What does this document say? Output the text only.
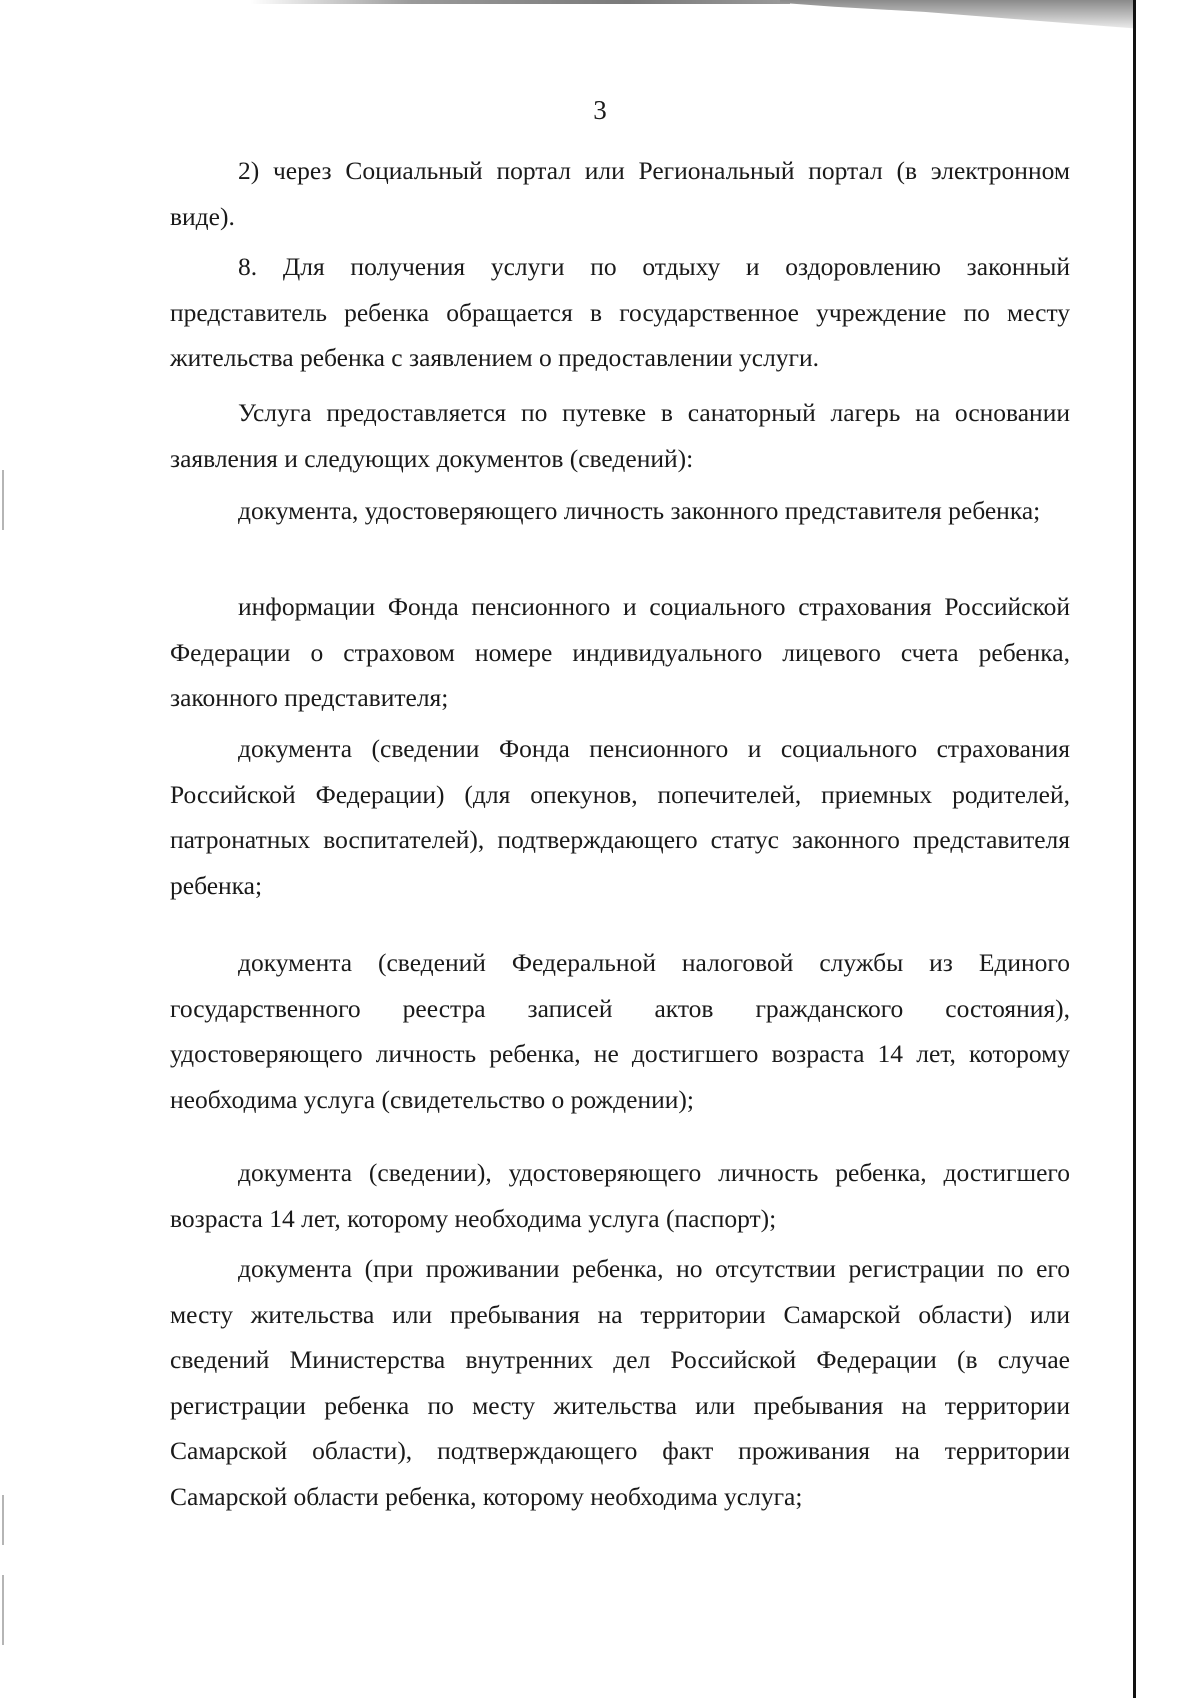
3

2) через Социальный портал или Региональный портал (в электронном виде).

8. Для получения услуги по отдыху и оздоровлению законный представитель ребенка обращается в государственное учреждение по месту жительства ребенка с заявлением о предоставлении услуги.

Услуга предоставляется по путевке в санаторный лагерь на основании заявления и следующих документов (сведений):

документа, удостоверяющего личность законного представителя ребенка;

информации Фонда пенсионного и социального страхования Российской Федерации о страховом номере индивидуального лицевого счета ребенка, законного представителя;

документа (сведении Фонда пенсионного и социального страхования Российской Федерации) (для опекунов, попечителей, приемных родителей, патронатных воспитателей), подтверждающего статус законного представителя ребенка;

документа (сведений Федеральной налоговой службы из Единого государственного реестра записей актов гражданского состояния), удостоверяющего личность ребенка, не достигшего возраста 14 лет, которому необходима услуга (свидетельство о рождении);

документа (сведении), удостоверяющего личность ребенка, достигшего возраста 14 лет, которому необходима услуга (паспорт);

документа (при проживании ребенка, но отсутствии регистрации по его месту жительства или пребывания на территории Самарской области) или сведений Министерства внутренних дел Российской Федерации (в случае регистрации ребенка по месту жительства или пребывания на территории Самарской области), подтверждающего факт проживания на территории Самарской области ребенка, которому необходима услуга;
